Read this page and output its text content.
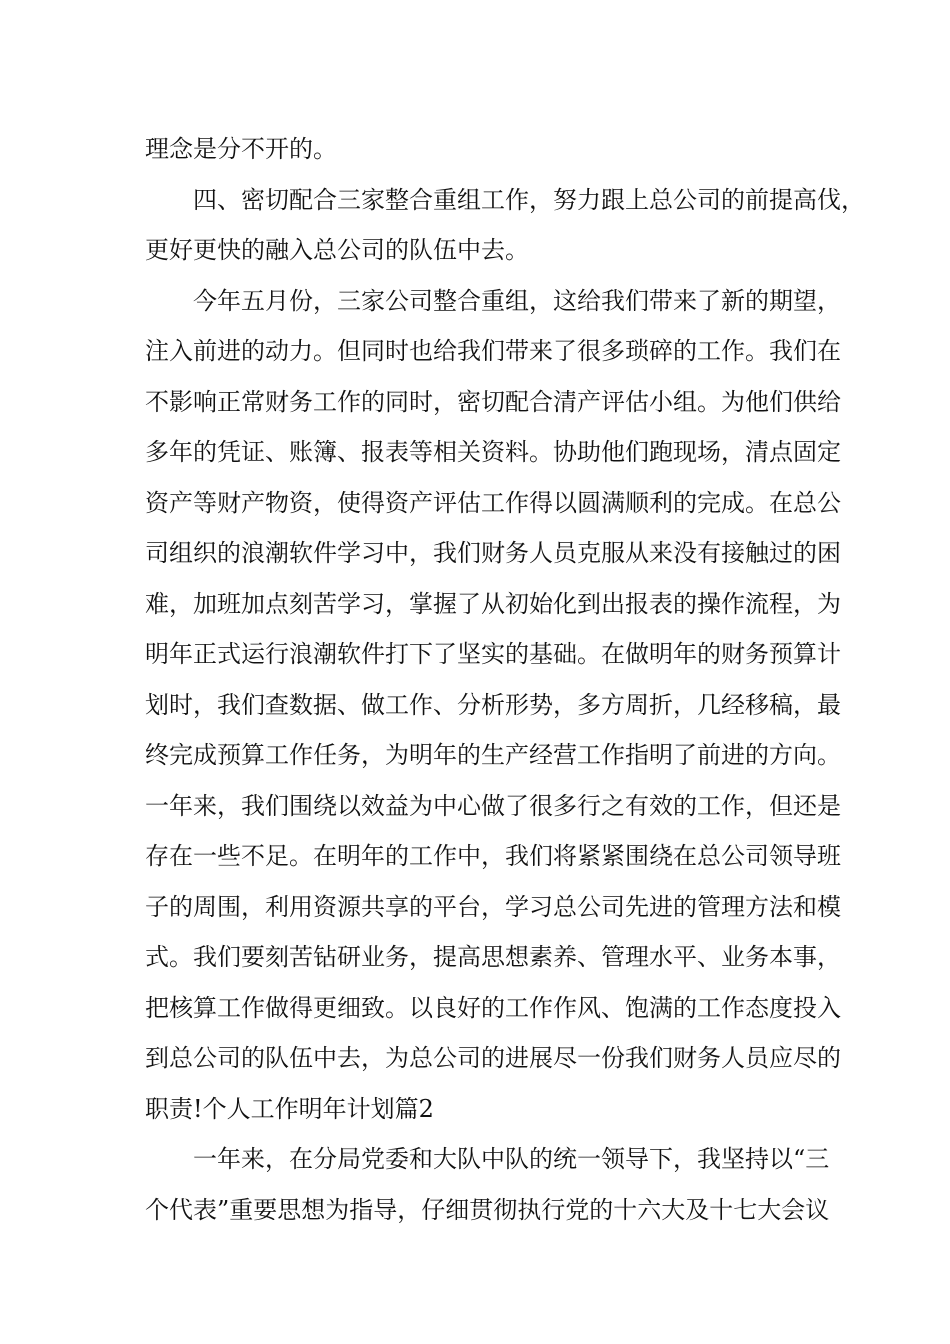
理念是分不开的。
四、密切配合三家整合重组工作，努力跟上总公司的前提高伐，
更好更快的融入总公司的队伍中去。
今年五月份，三家公司整合重组，这给我们带来了新的期望，
注入前进的动力。但同时也给我们带来了很多琐碎的工作。我们在
不影响正常财务工作的同时，密切配合清产评估小组。为他们供给
多年的凭证、账簿、报表等相关资料。协助他们跑现场，清点固定
资产等财产物资，使得资产评估工作得以圆满顺利的完成。在总公
司组织的浪潮软件学习中，我们财务人员克服从来没有接触过的困
难，加班加点刻苦学习，掌握了从初始化到出报表的操作流程，为
明年正式运行浪潮软件打下了坚实的基础。在做明年的财务预算计
划时，我们查数据、做工作、分析形势，多方周折，几经移稿，最
终完成预算工作任务，为明年的生产经营工作指明了前进的方向。
一年来，我们围绕以效益为中心做了很多行之有效的工作，但还是
存在一些不足。在明年的工作中，我们将紧紧围绕在总公司领导班
子的周围，利用资源共享的平台，学习总公司先进的管理方法和模
式。我们要刻苦钻研业务，提高思想素养、管理水平、业务本事，
把核算工作做得更细致。以良好的工作作风、饱满的工作态度投入
到总公司的队伍中去，为总公司的进展尽一份我们财务人员应尽的
职责!个人工作明年计划篇2
一年来，在分局党委和大队中队的统一领导下，我坚持以“三
个代表”重要思想为指导，仔细贯彻执行党的十六大及十七大会议
